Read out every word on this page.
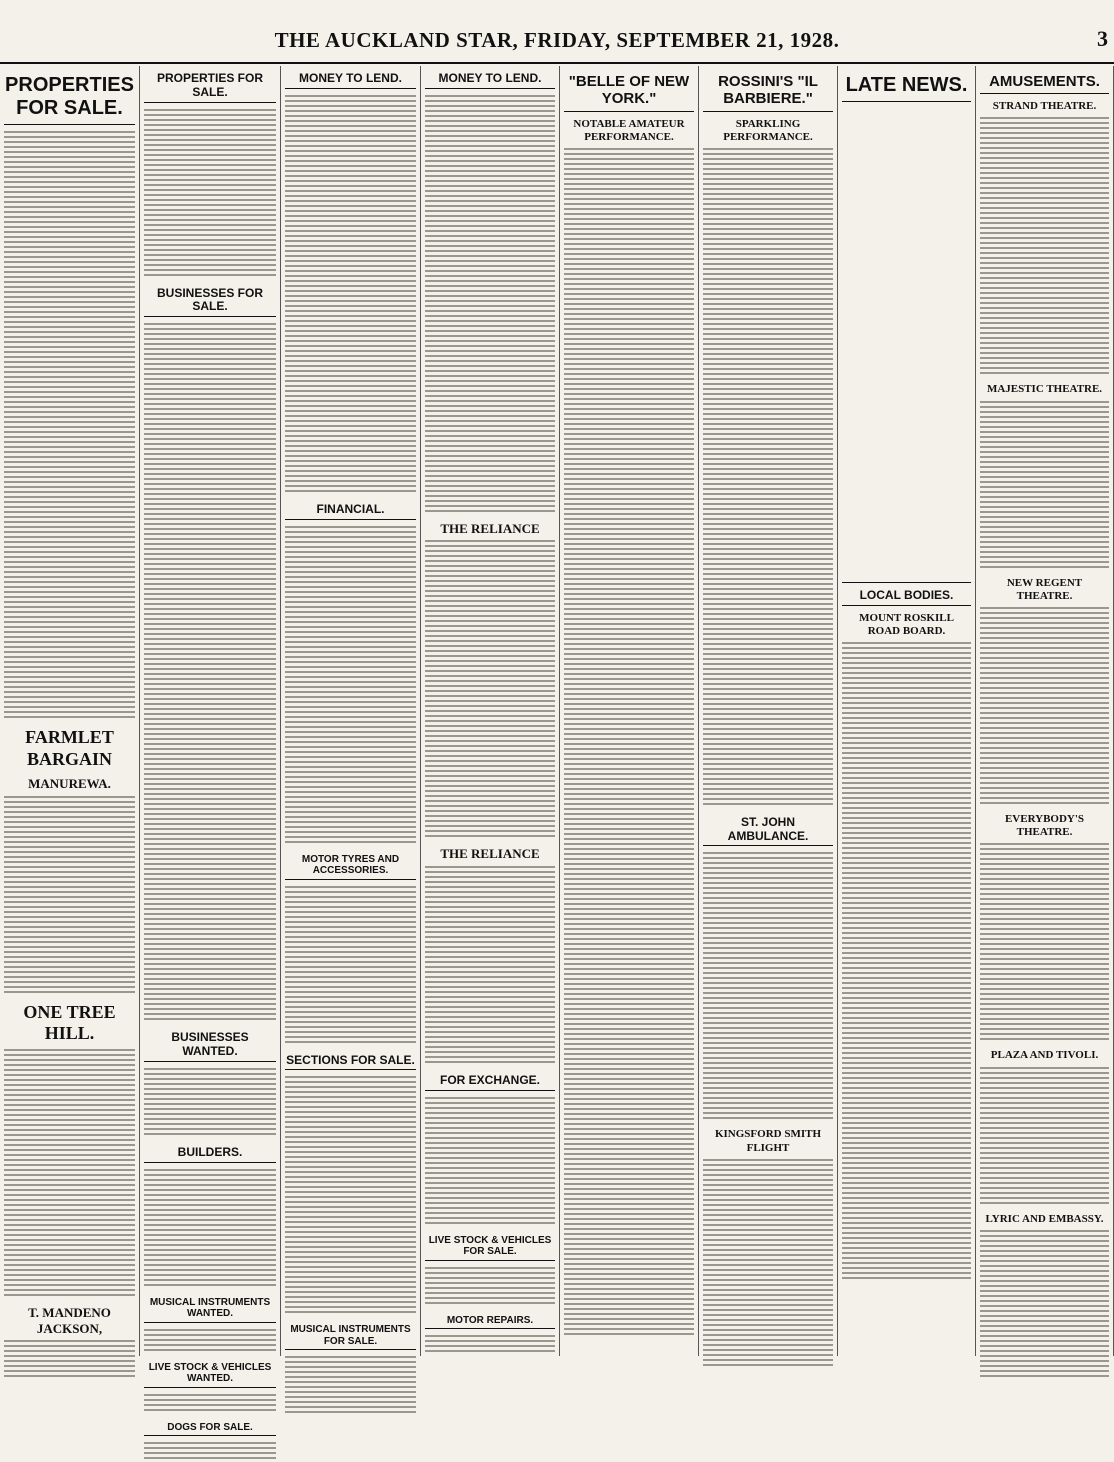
THE AUCKLAND STAR, FRIDAY, SEPTEMBER 21, 1928.	3
PROPERTIES FOR SALE.
FARMLET BARGAIN
MANUREWA.
ONE TREE HILL.
T. MANDENO JACKSON,
PROPERTIES FOR SALE.
BUSINESSES FOR SALE.
BUSINESSES WANTED.
BUILDERS.
MUSICAL INSTRUMENTS WANTED.
LIVE STOCK & VEHICLES WANTED.
DOGS FOR SALE.
MONEY TO LEND.
FINANCIAL.
MOTOR TYRES AND ACCESSORIES.
SECTIONS FOR SALE.
MUSICAL INSTRUMENTS FOR SALE.
MONEY TO LEND.
THE RELIANCE
THE RELIANCE
FOR EXCHANGE.
LIVE STOCK & VEHICLES FOR SALE.
MOTOR REPAIRS.
"BELLE OF NEW YORK."
NOTABLE AMATEUR PERFORMANCE.
ROSSINI'S "IL BARBIERE."
SPARKLING PERFORMANCE.
ST. JOHN AMBULANCE.
KINGSFORD SMITH FLIGHT
LATE NEWS.
LOCAL BODIES.
MOUNT ROSKILL ROAD BOARD.
AMUSEMENTS.
STRAND THEATRE.
MAJESTIC THEATRE.
NEW REGENT THEATRE.
EVERYBODY'S THEATRE.
PLAZA AND TIVOLI.
LYRIC AND EMBASSY.
